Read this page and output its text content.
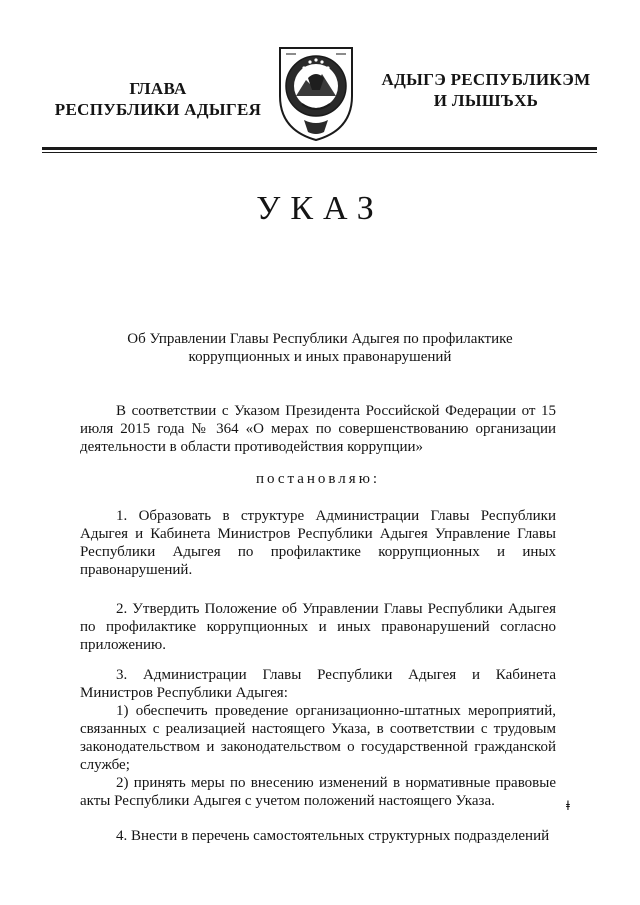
ГЛАВА
РЕСПУБЛИКИ АДЫГЕЯ
АДЫГЭ РЕСПУБЛИКЭМ
И ЛЫШЪХЬ
УКАЗ
Об Управлении Главы Республики Адыгея по профилактике
коррупционных и иных правонарушений
В соответствии с Указом Президента Российской Федерации от 15 июля 2015 года № 364 «О мерах по совершенствованию организации деятельности в области противодействия коррупции»
постановляю:
1. Образовать в структуре Администрации Главы Республики Адыгея и Кабинета Министров Республики Адыгея Управление Главы Республики Адыгея по профилактике коррупционных и иных правонарушений.
2. Утвердить Положение об Управлении Главы Республики Адыгея по профилактике коррупционных и иных правонарушений согласно приложению.
3. Администрации Главы Республики Адыгея и Кабинета Министров Республики Адыгея:
1) обеспечить проведение организационно-штатных мероприятий, связанных с реализацией настоящего Указа, в соответствии с трудовым законодательством и законодательством о государственной гражданской службе;
2) принять меры по внесению изменений в нормативные правовые акты Республики Адыгея с учетом положений настоящего Указа.
4. Внести в перечень самостоятельных структурных подразделений
ǂ
